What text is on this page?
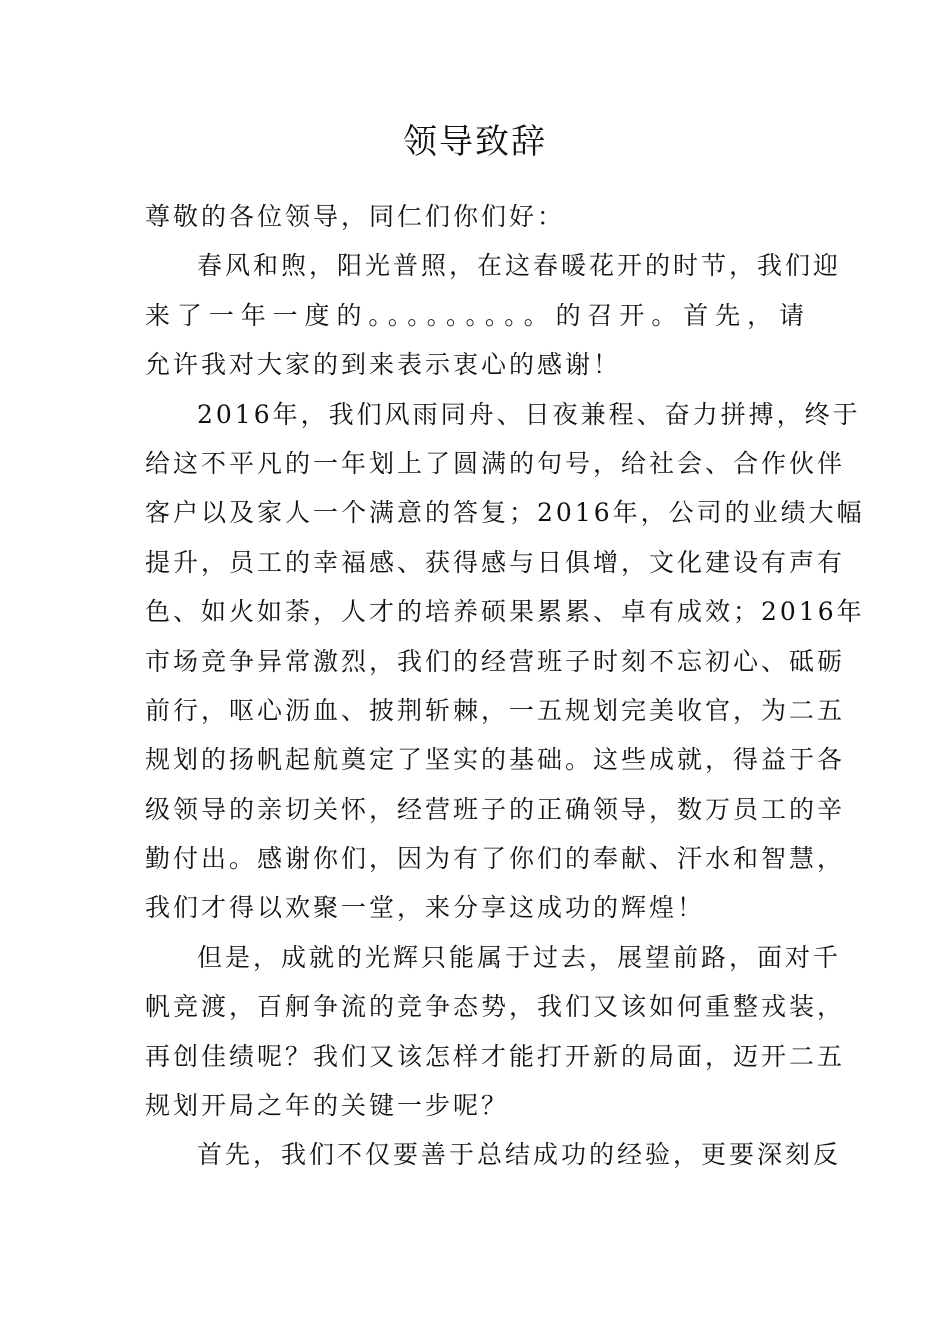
领导致辞
尊敬的各位领导，同仁们你们好：
春风和煦，阳光普照，在这春暖花开的时节，我们迎
来了一年一度的。。。。。。。。。的召开。首先，请
允许我对大家的到来表示衷心的感谢！
2016年，我们风雨同舟、日夜兼程、奋力拼搏，终于
给这不平凡的一年划上了圆满的句号，给社会、合作伙伴
客户以及家人一个满意的答复；2016年，公司的业绩大幅
提升，员工的幸福感、获得感与日俱增，文化建设有声有
色、如火如荼，人才的培养硕果累累、卓有成效；2016年
市场竞争异常激烈，我们的经营班子时刻不忘初心、砥砺
前行，呕心沥血、披荆斩棘，一五规划完美收官，为二五
规划的扬帆起航奠定了坚实的基础。这些成就，得益于各
级领导的亲切关怀，经营班子的正确领导，数万员工的辛
勤付出。感谢你们，因为有了你们的奉献、汗水和智慧，
我们才得以欢聚一堂，来分享这成功的辉煌！
但是，成就的光辉只能属于过去，展望前路，面对千
帆竞渡，百舸争流的竞争态势，我们又该如何重整戎装，
再创佳绩呢？我们又该怎样才能打开新的局面，迈开二五
规划开局之年的关键一步呢？
首先，我们不仅要善于总结成功的经验，更要深刻反
